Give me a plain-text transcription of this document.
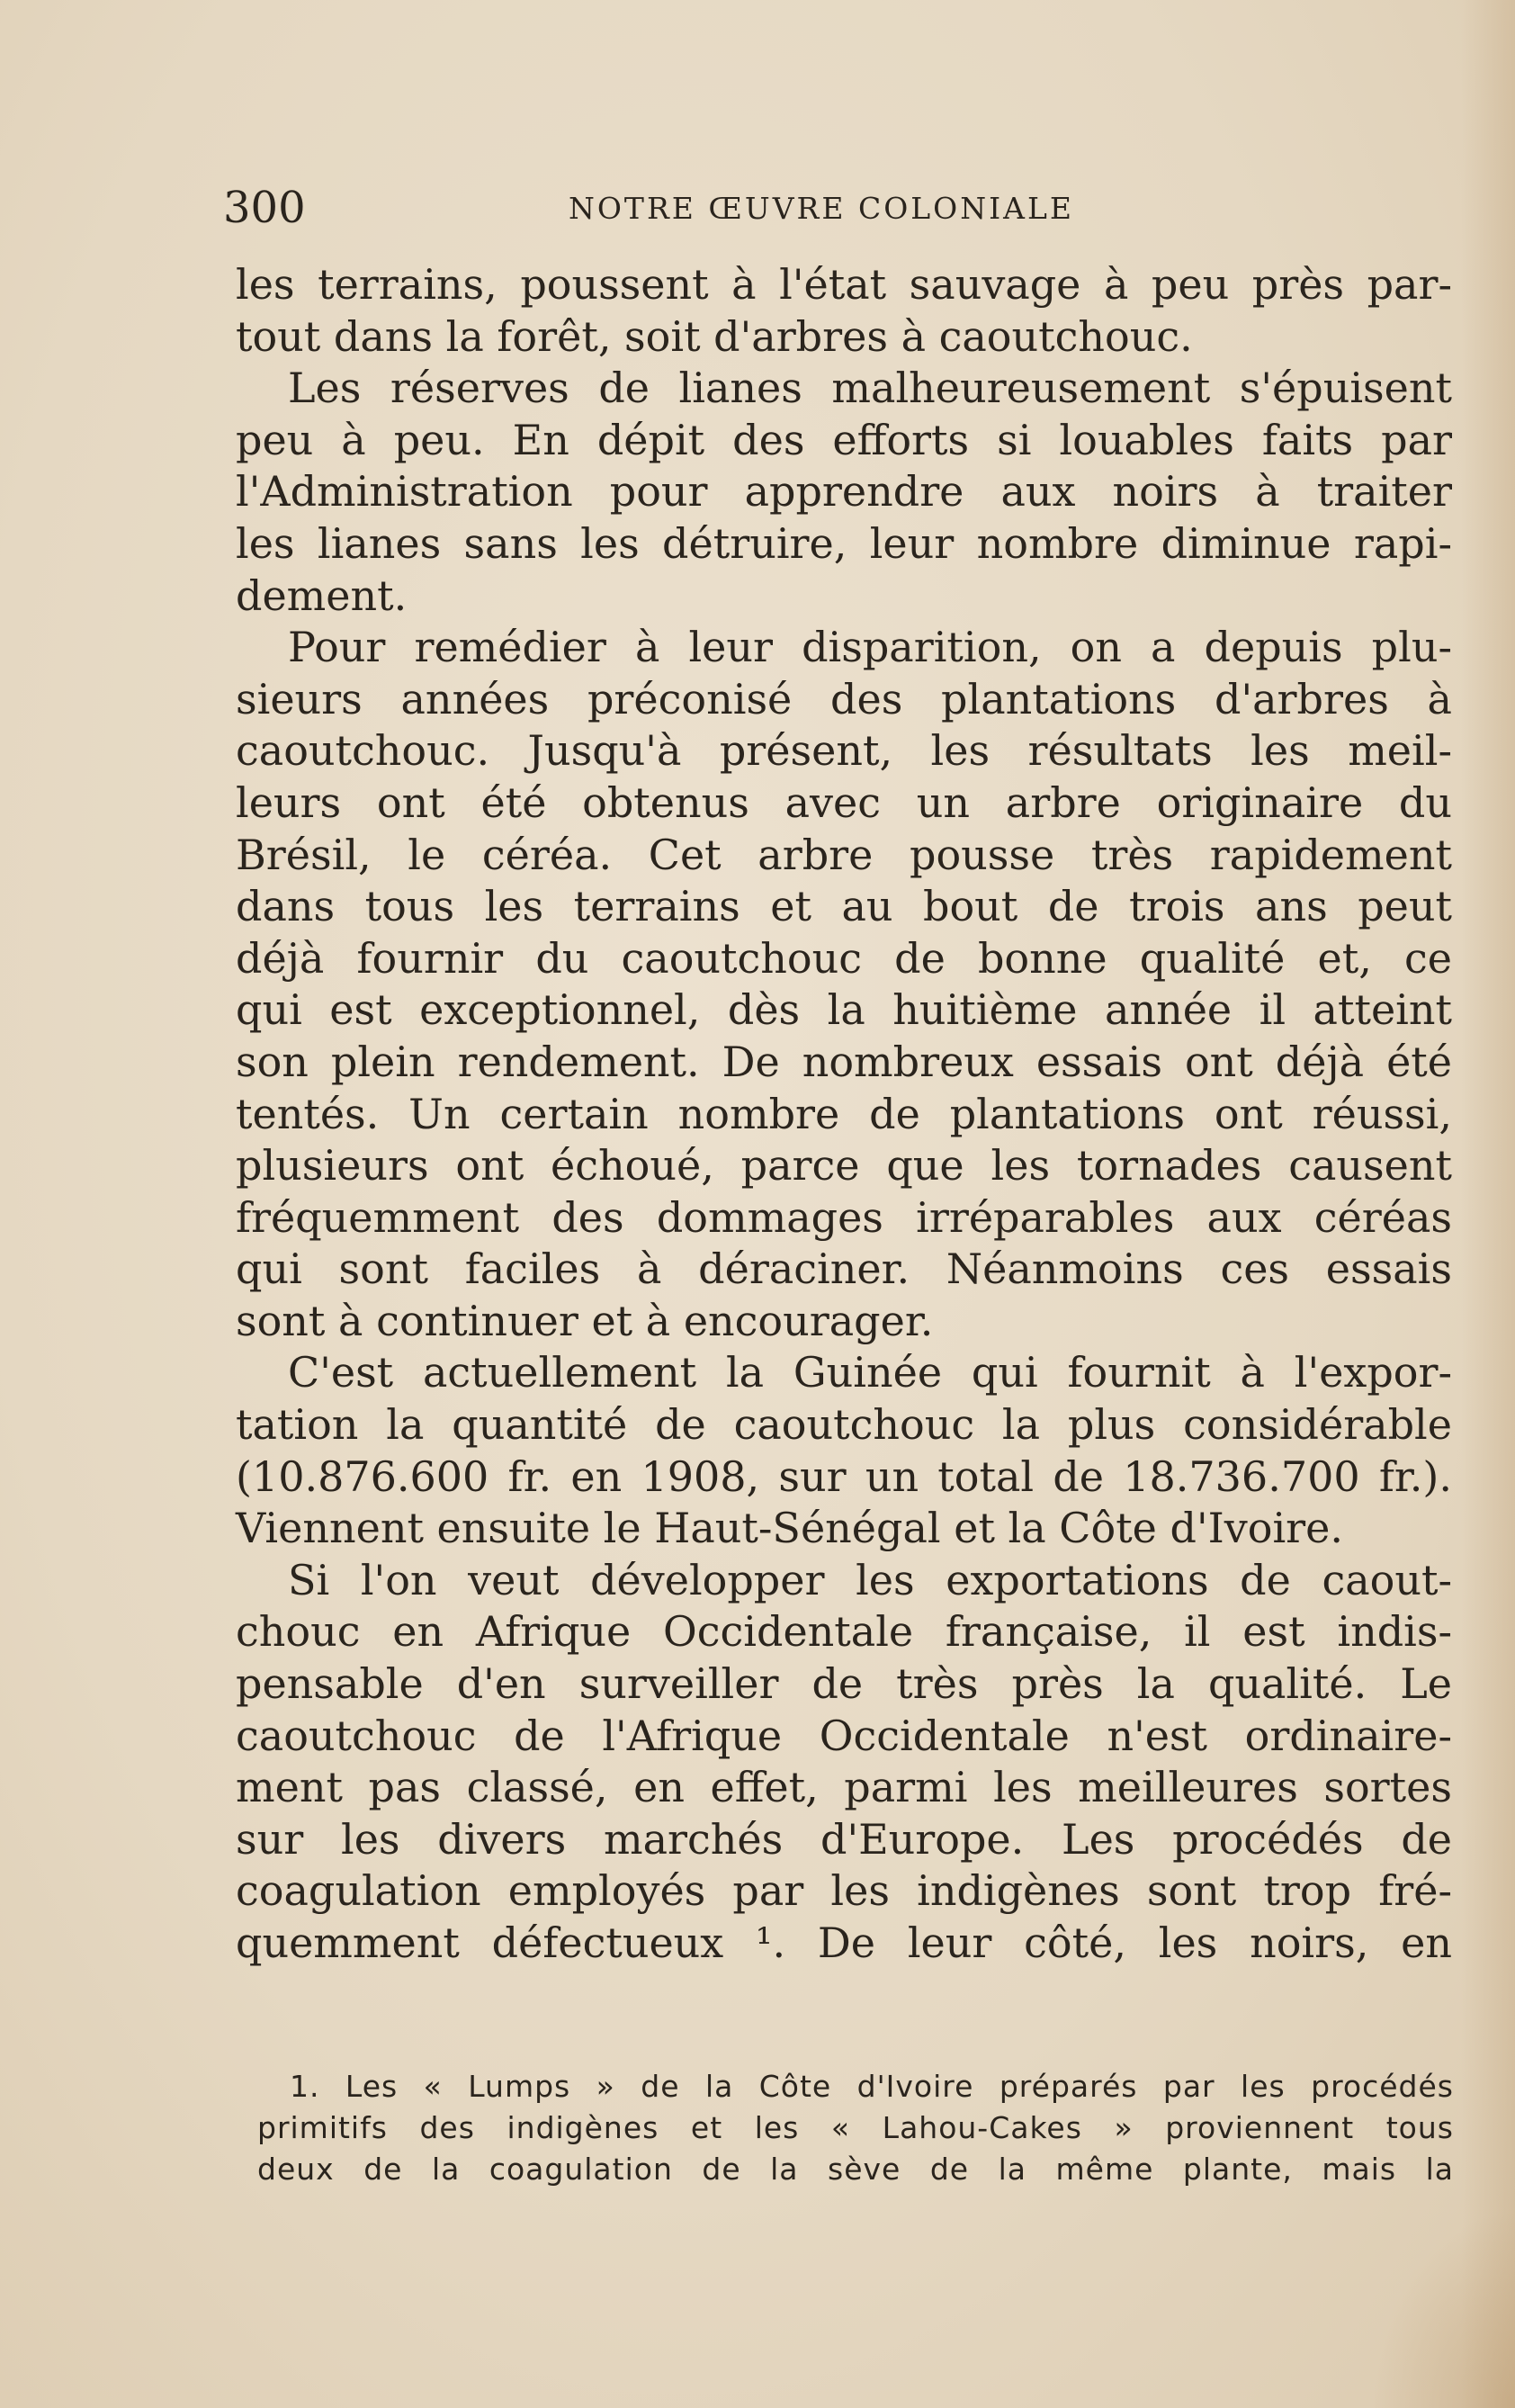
300	NOTRE ŒUVRE COLONIALE
les terrains, poussent à l'état sauvage à peu près par-
tout dans la forêt, soit d'arbres à caoutchouc.
Les réserves de lianes malheureusement s'épuisent
peu à peu. En dépit des efforts si louables faits par
l'Administration pour apprendre aux noirs à traiter
les lianes sans les détruire, leur nombre diminue rapi-
dement.
Pour remédier à leur disparition, on a depuis plu-
sieurs années préconisé des plantations d'arbres à
caoutchouc. Jusqu'à présent, les résultats les meil-
leurs ont été obtenus avec un arbre originaire du
Brésil, le céréa. Cet arbre pousse très rapidement
dans tous les terrains et au bout de trois ans peut
déjà fournir du caoutchouc de bonne qualité et, ce
qui est exceptionnel, dès la huitième année il atteint
son plein rendement. De nombreux essais ont déjà été
tentés. Un certain nombre de plantations ont réussi,
plusieurs ont échoué, parce que les tornades causent
fréquemment des dommages irréparables aux céréas
qui sont faciles à déraciner. Néanmoins ces essais
sont à continuer et à encourager.
C'est actuellement la Guinée qui fournit à l'expor-
tation la quantité de caoutchouc la plus considérable
(10.876.600 fr. en 1908, sur un total de 18.736.700 fr.).
Viennent ensuite le Haut-Sénégal et la Côte d'Ivoire.
Si l'on veut développer les exportations de caout-
chouc en Afrique Occidentale française, il est indis-
pensable d'en surveiller de très près la qualité. Le
caoutchouc de l'Afrique Occidentale n'est ordinaire-
ment pas classé, en effet, parmi les meilleures sortes
sur les divers marchés d'Europe. Les procédés de
coagulation employés par les indigènes sont trop fré-
quemment défectueux ¹. De leur côté, les noirs, en
1. Les « Lumps » de la Côte d'Ivoire préparés par les procédés
primitifs des indigènes et les « Lahou-Cakes » proviennent tous
deux de la coagulation de la sève de la même plante, mais la
